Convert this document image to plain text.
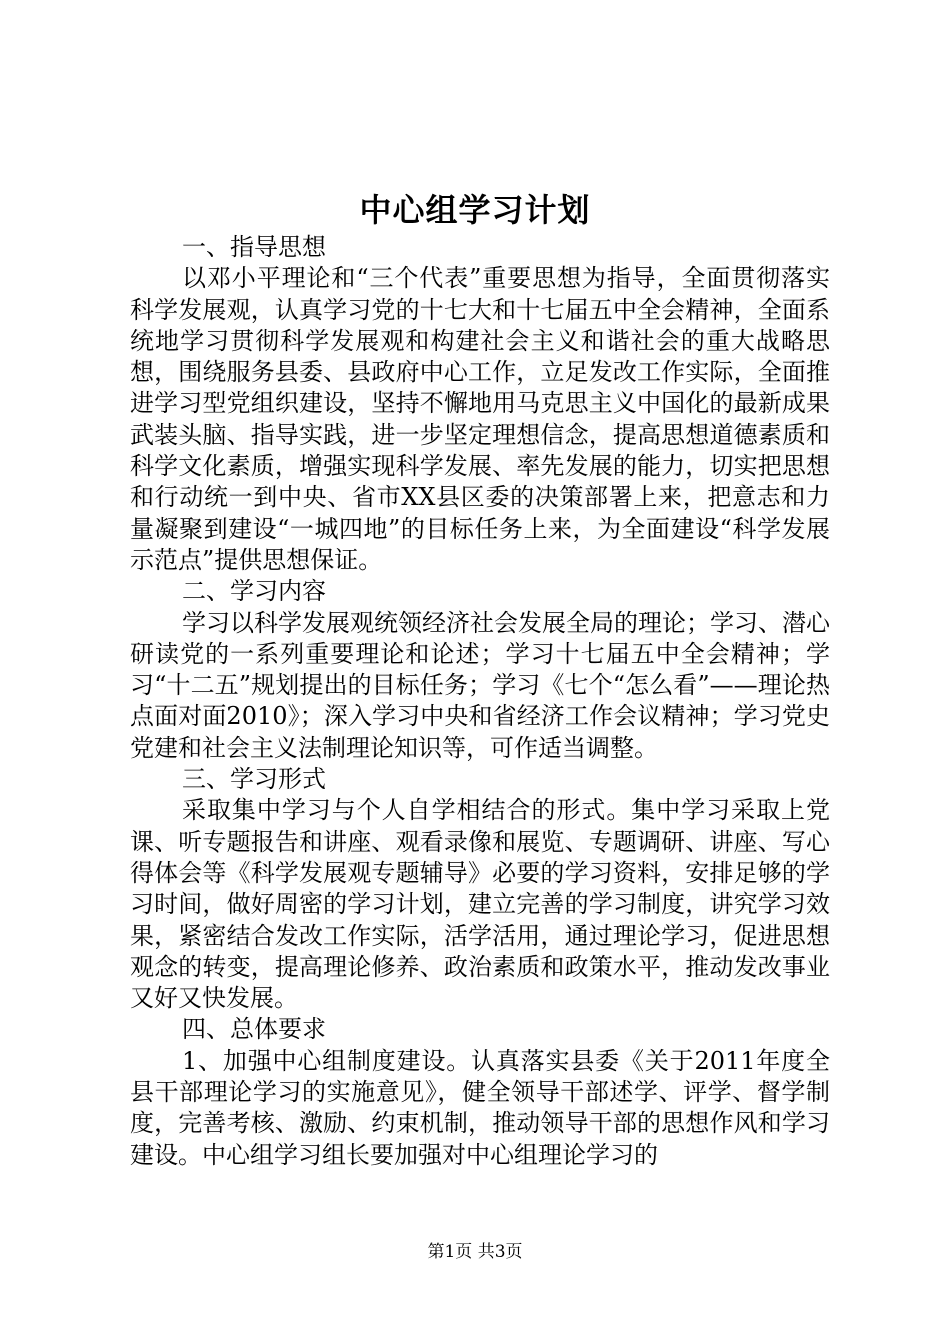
中心组学习计划

一、指导思想

以邓小平理论和“三个代表”重要思想为指导，全面贯彻落实科学发展观，认真学习党的十七大和十七届五中全会精神，全面系统地学习贯彻科学发展观和构建社会主义和谐社会的重大战略思想，围绕服务县委、县政府中心工作，立足发改工作实际，全面推进学习型党组织建设，坚持不懈地用马克思主义中国化的最新成果武装头脑、指导实践，进一步坚定理想信念，提高思想道德素质和科学文化素质，增强实现科学发展、率先发展的能力，切实把思想和行动统一到中央、省市XX县区委的决策部署上来，把意志和力量凝聚到建设“一城四地”的目标任务上来，为全面建设“科学发展示范点”提供思想保证。

二、学习内容

学习以科学发展观统领经济社会发展全局的理论；学习、潜心研读党的一系列重要理论和论述；学习十七届五中全会精神；学习“十二五”规划提出的目标任务；学习《七个“怎么看”——理论热点面对面2010》；深入学习中央和省经济工作会议精神；学习党史党建和社会主义法制理论知识等，可作适当调整。

三、学习形式

采取集中学习与个人自学相结合的形式。集中学习采取上党课、听专题报告和讲座、观看录像和展览、专题调研、讲座、写心得体会等《科学发展观专题辅导》必要的学习资料，安排足够的学习时间，做好周密的学习计划，建立完善的学习制度，讲究学习效果，紧密结合发改工作实际，活学活用，通过理论学习，促进思想观念的转变，提高理论修养、政治素质和政策水平，推动发改事业又好又快发展。

四、总体要求

1、加强中心组制度建设。认真落实县委《关于2011年度全县干部理论学习的实施意见》，健全领导干部述学、评学、督学制度，完善考核、激励、约束机制，推动领导干部的思想作风和学习建设。中心组学习组长要加强对中心组理论学习的

第1页 共3页
